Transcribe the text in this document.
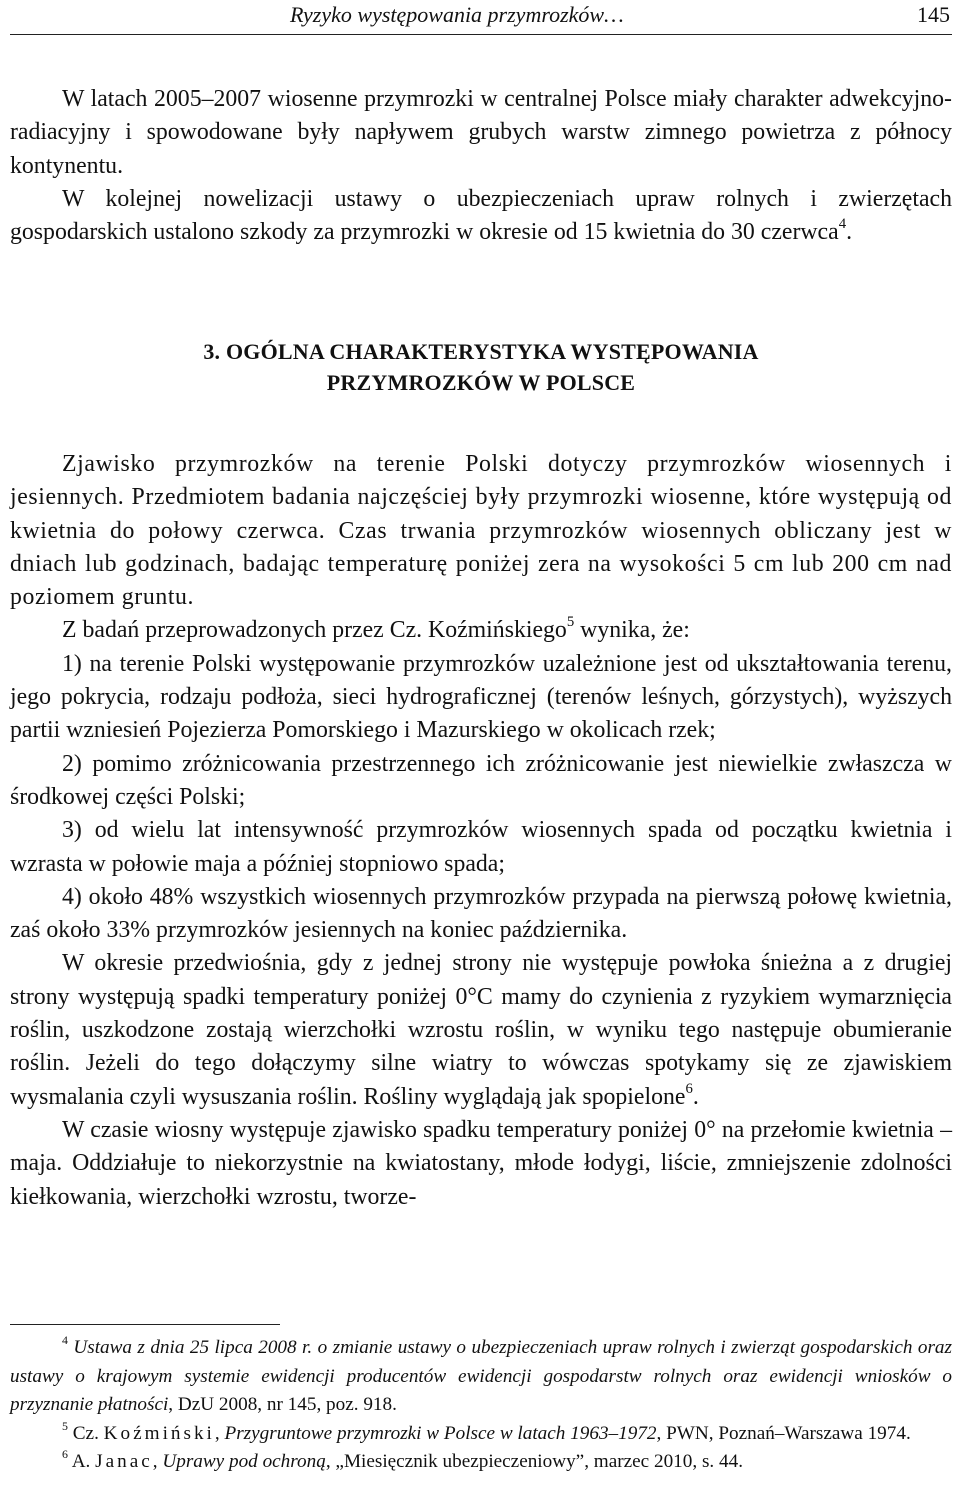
Ryzyko występowania przymrozków…	145

W latach 2005–2007 wiosenne przymrozki w centralnej Polsce miały charakter adwekcyjno-radiacyjny i spowodowane były napływem grubych warstw zimnego powietrza z północy kontynentu.

W kolejnej nowelizacji ustawy o ubezpieczeniach upraw rolnych i zwierzętach gospodarskich ustalono szkody za przymrozki w okresie od 15 kwietnia do 30 czerwca$^4$.

3. OGÓLNA CHARAKTERYSTYKA WYSTĘPOWANIA
PRZYMROZKÓW W POLSCE

Zjawisko przymrozków na terenie Polski dotyczy przymrozków wiosennych i jesiennych. Przedmiotem badania najczęściej były przymrozki wiosenne, które występują od kwietnia do połowy czerwca. Czas trwania przymrozków wiosennych obliczany jest w dniach lub godzinach, badając temperaturę poniżej zera na wysokości 5 cm lub 200 cm nad poziomem gruntu.

Z badań przeprowadzonych przez Cz. Koźmińskiego$^5$ wynika, że:

1) na terenie Polski występowanie przymrozków uzależnione jest od ukształtowania terenu, jego pokrycia, rodzaju podłoża, sieci hydrograficznej (terenów leśnych, górzystych), wyższych partii wzniesień Pojezierza Pomorskiego i Mazurskiego w okolicach rzek;

2) pomimo zróżnicowania przestrzennego ich zróżnicowanie jest niewielkie zwłaszcza w środkowej części Polski;

3) od wielu lat intensywność przymrozków wiosennych spada od początku kwietnia i wzrasta w połowie maja a później stopniowo spada;

4) około 48% wszystkich wiosennych przymrozków przypada na pierwszą połowę kwietnia, zaś około 33% przymrozków jesiennych na koniec października.

W okresie przedwiośnia, gdy z jednej strony nie występuje powłoka śnieżna a z drugiej strony występują spadki temperatury poniżej 0°C mamy do czynienia z ryzykiem wymarznięcia roślin, uszkodzone zostają wierzchołki wzrostu roślin, w wyniku tego następuje obumieranie roślin. Jeżeli do tego dołączymy silne wiatry to wówczas spotykamy się ze zjawiskiem wysmalania czyli wysuszania roślin. Rośliny wyglądają jak spopielone$^6$.

W czasie wiosny występuje zjawisko spadku temperatury poniżej 0° na przełomie kwietnia – maja. Oddziałuje to niekorzystnie na kwiatostany, młode łodygi, liście, zmniejszenie zdolności kiełkowania, wierzchołki wzrostu, tworze-

$^4$ Ustawa z dnia 25 lipca 2008 r. o zmianie ustawy o ubezpieczeniach upraw rolnych i zwierząt gospodarskich oraz ustawy o krajowym systemie ewidencji producentów ewidencji gospodarstw rolnych oraz ewidencji wniosków o przyznanie płatności, DzU 2008, nr 145, poz. 918.

$^5$ Cz. Koźmiński, Przygruntowe przymrozki w Polsce w latach 1963–1972, PWN, Poznań–Warszawa 1974.

$^6$ A. Janac, Uprawy pod ochroną, „Miesięcznik ubezpieczeniowy”, marzec 2010, s. 44.
